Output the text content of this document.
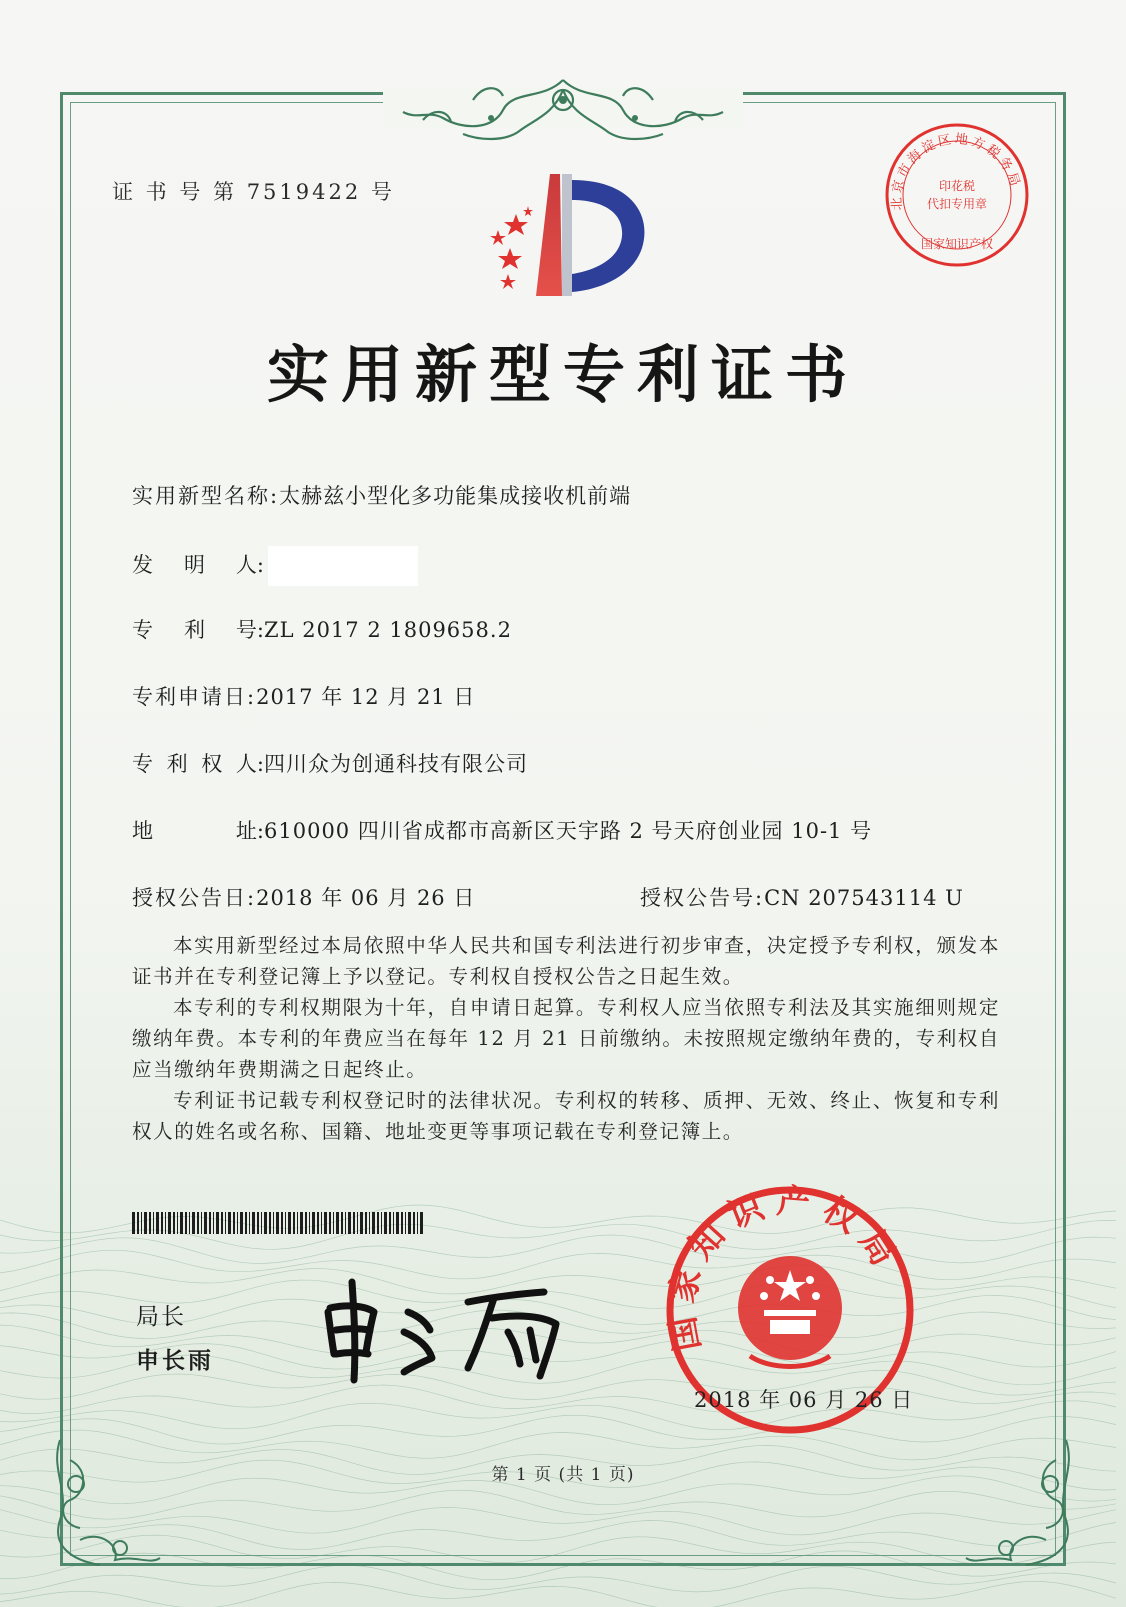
证 书 号 第 7519422 号	北京市海淀区地方税务局
印花税
代扣专用章
国家知识产权
实用新型专利证书
实用新型名称:太赫兹小型化多功能集成接收机前端
发 明 人:
专 利 号: ZL 2017 2 1809658.2
专利申请日:2017 年 12 月 21 日
专 利 权 人: 四川众为创通科技有限公司
地	址: 610000 四川省成都市高新区天宇路 2 号天府创业园 10-1 号
授权公告日:2018 年 06 月 26 日	授权公告号:CN 207543114 U

本实用新型经过本局依照中华人民共和国专利法进行初步审查，决定授予专利权，颁发本证书并在专利登记簿上予以登记。专利权自授权公告之日起生效。

本专利的专利权期限为十年，自申请日起算。专利权人应当依照专利法及其实施细则规定缴纳年费。本专利的年费应当在每年 12 月 21 日前缴纳。未按照规定缴纳年费的，专利权自应当缴纳年费期满之日起终止。

专利证书记载专利权登记时的法律状况。专利权的转移、质押、无效、终止、恢复和专利权人的姓名或名称、国籍、地址变更等事项记载在专利登记簿上。

局长
申长雨
国家知识产权局
2018 年 06 月 26 日
第 1 页 (共 1 页)
